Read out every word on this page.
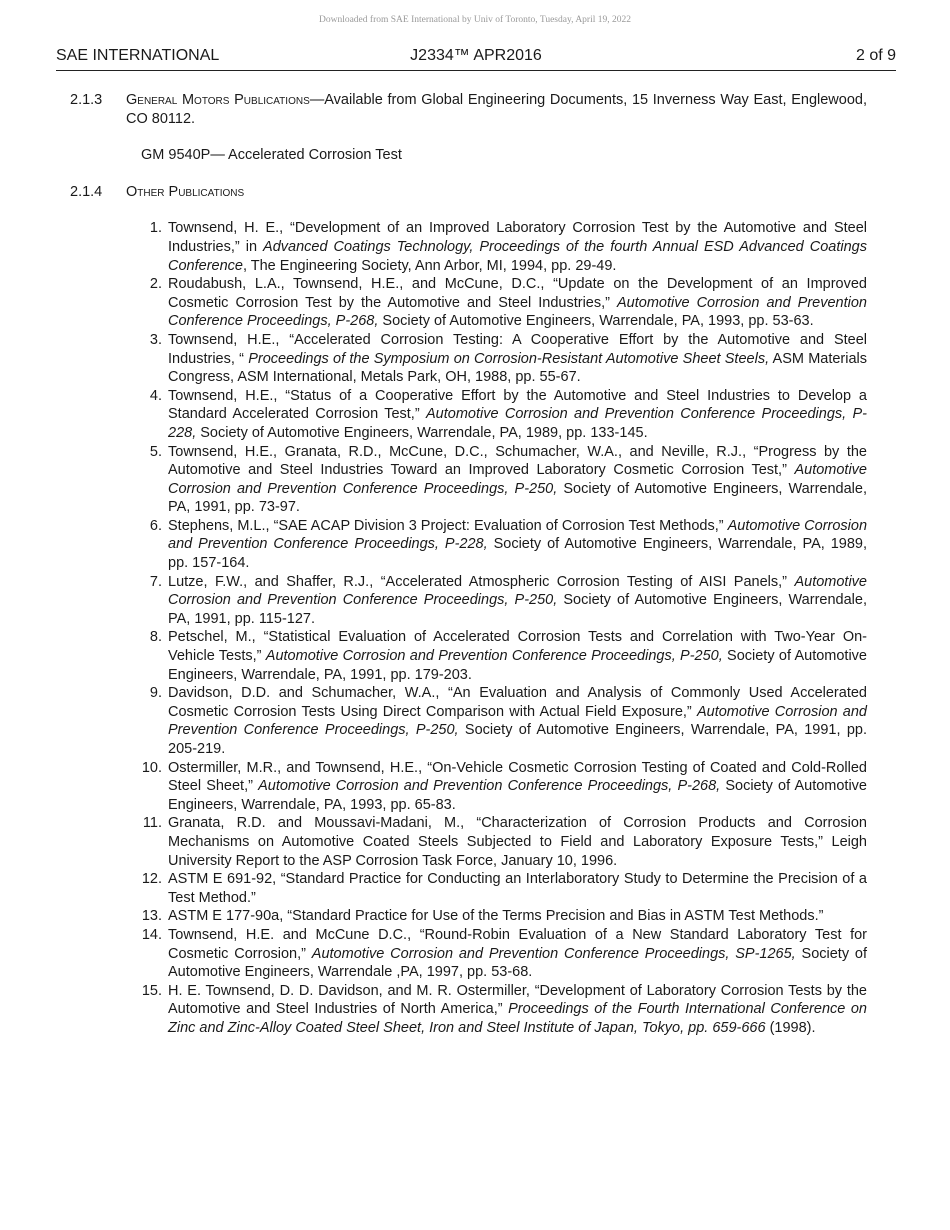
Downloaded from SAE International by Univ of Toronto, Tuesday, April 19, 2022
SAE INTERNATIONAL	J2334™ APR2016	2 of 9
2.1.3 General Motors Publications—Available from Global Engineering Documents, 15 Inverness Way East, Englewood, CO 80112.
GM 9540P— Accelerated Corrosion Test
2.1.4 Other Publications
1. Townsend, H. E., “Development of an Improved Laboratory Corrosion Test by the Automotive and Steel Industries,” in Advanced Coatings Technology, Proceedings of the fourth Annual ESD Advanced Coatings Conference, The Engineering Society, Ann Arbor, MI, 1994, pp. 29-49.
2. Roudabush, L.A., Townsend, H.E., and McCune, D.C., “Update on the Development of an Improved Cosmetic Corrosion Test by the Automotive and Steel Industries,” Automotive Corrosion and Prevention Conference Proceedings, P-268, Society of Automotive Engineers, Warrendale, PA, 1993, pp. 53-63.
3. Townsend, H.E., “Accelerated Corrosion Testing: A Cooperative Effort by the Automotive and Steel Industries, “ Proceedings of the Symposium on Corrosion-Resistant Automotive Sheet Steels, ASM Materials Congress, ASM International, Metals Park, OH, 1988, pp. 55-67.
4. Townsend, H.E., “Status of a Cooperative Effort by the Automotive and Steel Industries to Develop a Standard Accelerated Corrosion Test,” Automotive Corrosion and Prevention Conference Proceedings, P-228, Society of Automotive Engineers, Warrendale, PA, 1989, pp. 133-145.
5. Townsend, H.E., Granata, R.D., McCune, D.C., Schumacher, W.A., and Neville, R.J., “Progress by the Automotive and Steel Industries Toward an Improved Laboratory Cosmetic Corrosion Test,” Automotive Corrosion and Prevention Conference Proceedings, P-250, Society of Automotive Engineers, Warrendale, PA, 1991, pp. 73-97.
6. Stephens, M.L., “SAE ACAP Division 3 Project: Evaluation of Corrosion Test Methods,” Automotive Corrosion and Prevention Conference Proceedings, P-228, Society of Automotive Engineers, Warrendale, PA, 1989, pp. 157-164.
7. Lutze, F.W., and Shaffer, R.J., “Accelerated Atmospheric Corrosion Testing of AISI Panels,” Automotive Corrosion and Prevention Conference Proceedings, P-250, Society of Automotive Engineers, Warrendale, PA, 1991, pp. 115-127.
8. Petschel, M., “Statistical Evaluation of Accelerated Corrosion Tests and Correlation with Two-Year On-Vehicle Tests,” Automotive Corrosion and Prevention Conference Proceedings, P-250, Society of Automotive Engineers, Warrendale, PA, 1991, pp. 179-203.
9. Davidson, D.D. and Schumacher, W.A., “An Evaluation and Analysis of Commonly Used Accelerated Cosmetic Corrosion Tests Using Direct Comparison with Actual Field Exposure,” Automotive Corrosion and Prevention Conference Proceedings, P-250, Society of Automotive Engineers, Warrendale, PA, 1991, pp. 205-219.
10. Ostermiller, M.R., and Townsend, H.E., “On-Vehicle Cosmetic Corrosion Testing of Coated and Cold-Rolled Steel Sheet,” Automotive Corrosion and Prevention Conference Proceedings, P-268, Society of Automotive Engineers, Warrendale, PA, 1993, pp. 65-83.
11. Granata, R.D. and Moussavi-Madani, M., “Characterization of Corrosion Products and Corrosion Mechanisms on Automotive Coated Steels Subjected to Field and Laboratory Exposure Tests,” Leigh University Report to the ASP Corrosion Task Force, January 10, 1996.
12. ASTM E 691-92, “Standard Practice for Conducting an Interlaboratory Study to Determine the Precision of a Test Method.”
13. ASTM E 177-90a, “Standard Practice for Use of the Terms Precision and Bias in ASTM Test Methods.”
14. Townsend, H.E. and McCune D.C., “Round-Robin Evaluation of a New Standard Laboratory Test for Cosmetic Corrosion,” Automotive Corrosion and Prevention Conference Proceedings, SP-1265, Society of Automotive Engineers, Warrendale ,PA, 1997, pp. 53-68.
15. H. E. Townsend, D. D. Davidson, and M. R. Ostermiller, “Development of Laboratory Corrosion Tests by the Automotive and Steel Industries of North America,” Proceedings of the Fourth International Conference on Zinc and Zinc-Alloy Coated Steel Sheet, Iron and Steel Institute of Japan, Tokyo, pp. 659-666 (1998).
